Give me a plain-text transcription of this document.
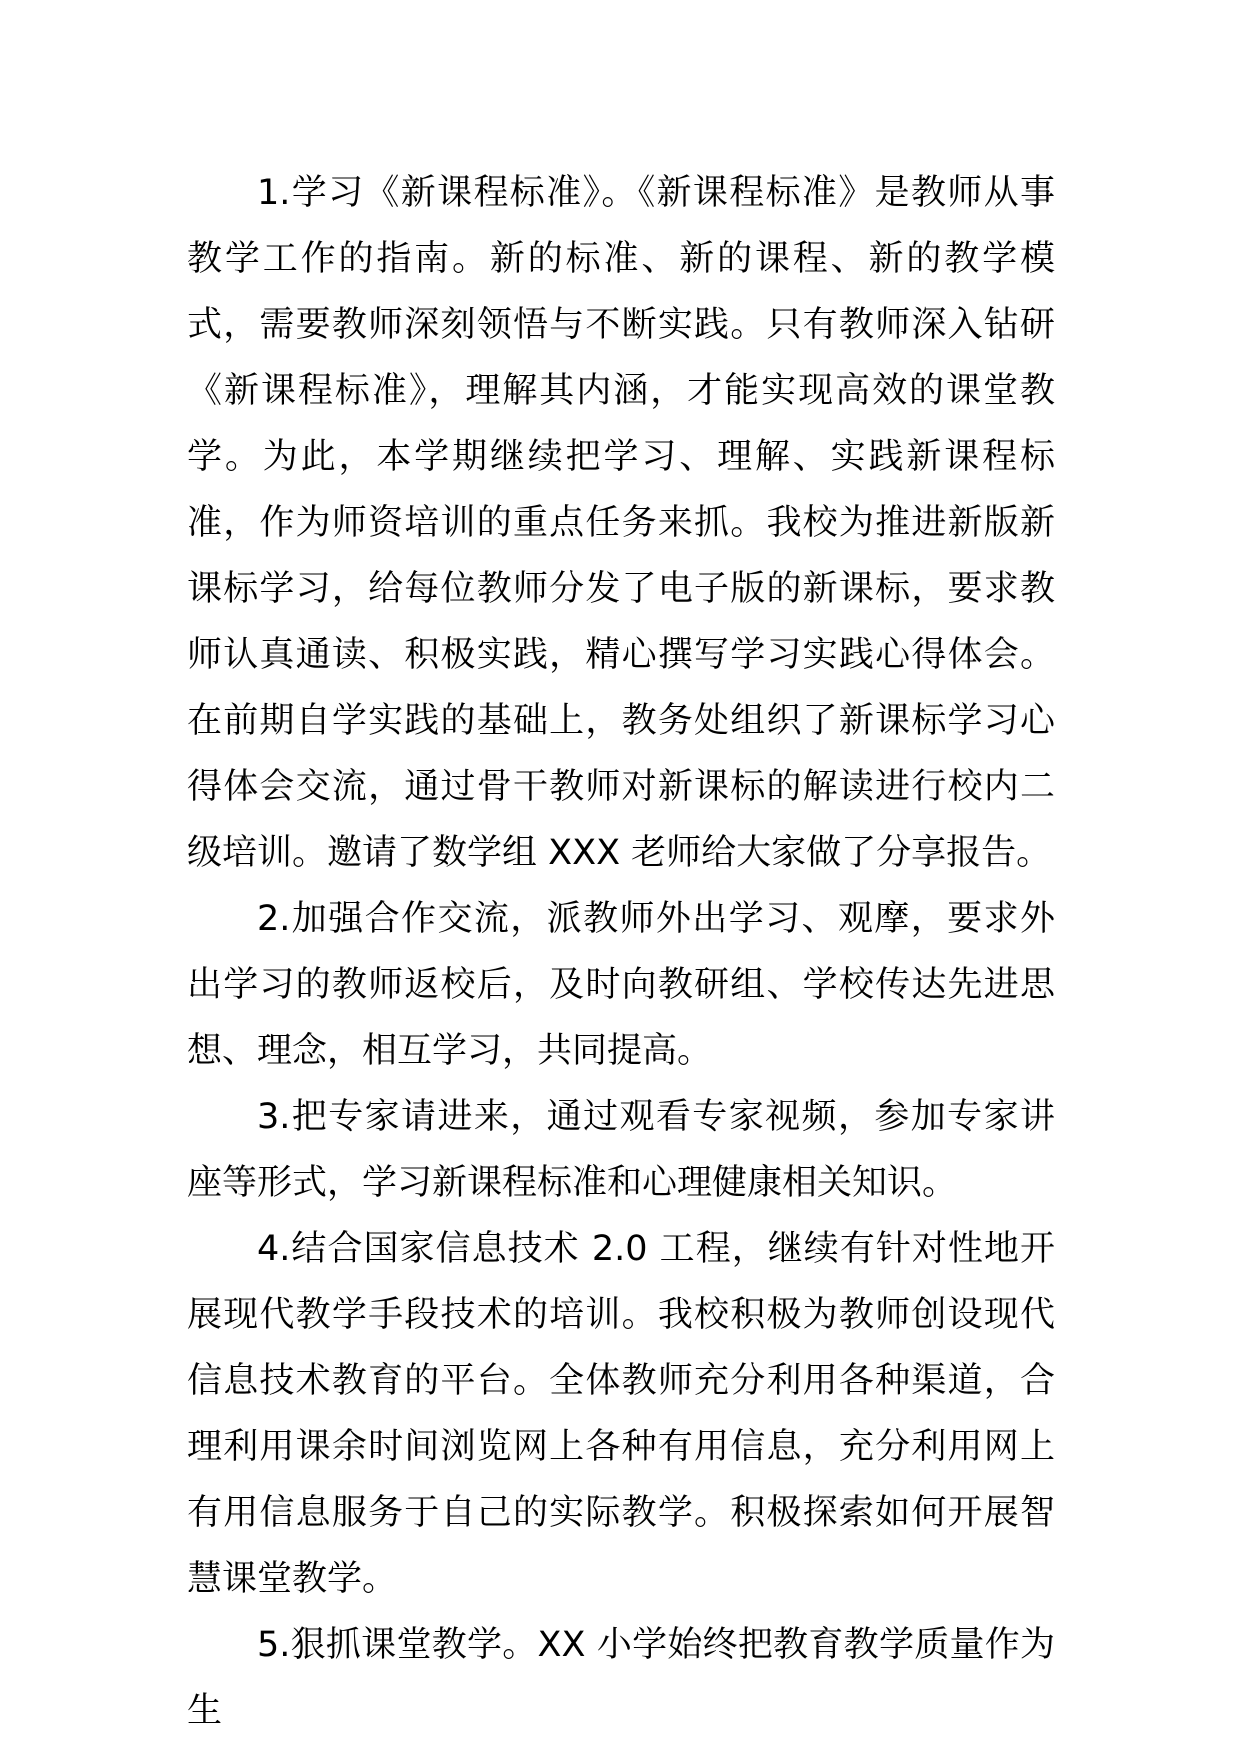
1.学习《新课程标准》。《新课程标准》是教师从事教学工作的指南。新的标准、新的课程、新的教学模式，需要教师深刻领悟与不断实践。只有教师深入钻研《新课程标准》，理解其内涵，才能实现高效的课堂教学。为此，本学期继续把学习、理解、实践新课程标准，作为师资培训的重点任务来抓。我校为推进新版新课标学习，给每位教师分发了电子版的新课标，要求教师认真通读、积极实践，精心撰写学习实践心得体会。在前期自学实践的基础上，教务处组织了新课标学习心得体会交流，通过骨干教师对新课标的解读进行校内二级培训。邀请了数学组 XXX 老师给大家做了分享报告。

2.加强合作交流，派教师外出学习、观摩，要求外出学习的教师返校后，及时向教研组、学校传达先进思想、理念，相互学习，共同提高。

3.把专家请进来，通过观看专家视频，参加专家讲座等形式，学习新课程标准和心理健康相关知识。

4.结合国家信息技术 2.0 工程，继续有针对性地开展现代教学手段技术的培训。我校积极为教师创设现代信息技术教育的平台。全体教师充分利用各种渠道，合理利用课余时间浏览网上各种有用信息，充分利用网上有用信息服务于自己的实际教学。积极探索如何开展智慧课堂教学。

5.狠抓课堂教学。XX 小学始终把教育教学质量作为生
